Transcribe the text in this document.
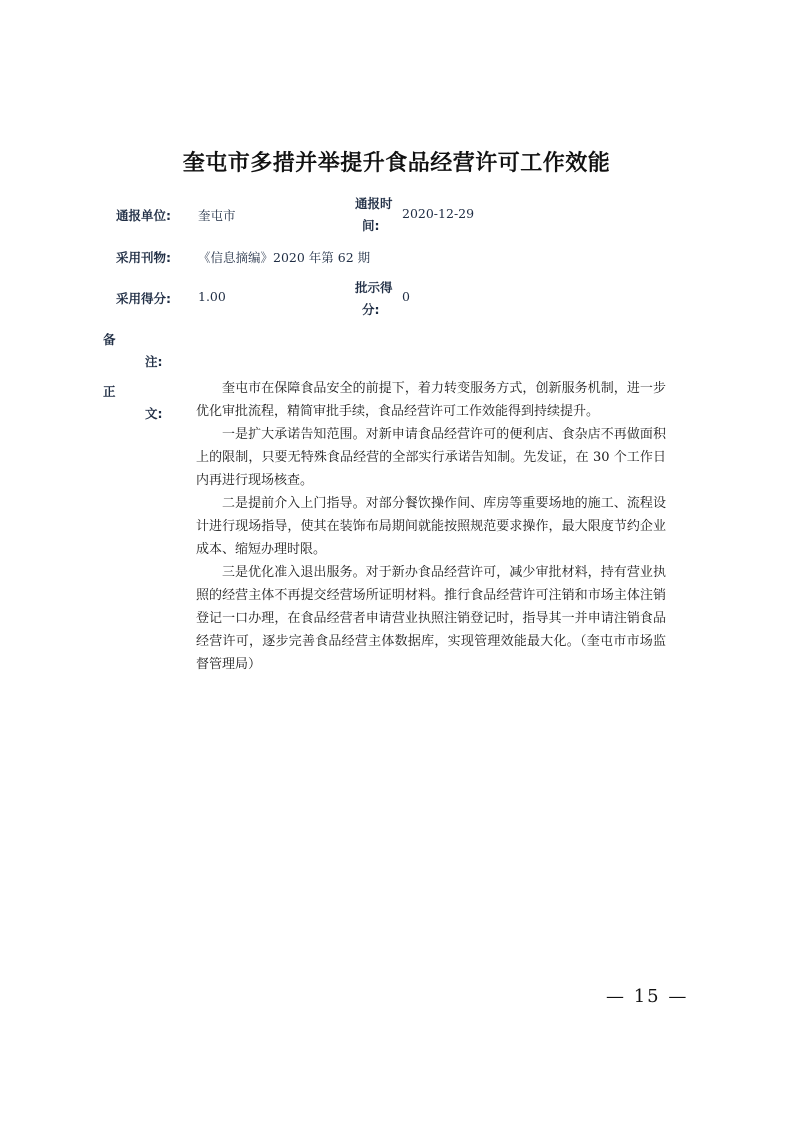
奎屯市多措并举提升食品经营许可工作效能
通报单位: 奎屯市
通报时
间:
2020-12-29
采用刊物: 《信息摘编》2020 年第 62 期
采用得分: 1.00
批示得
分:
0
备
注:
正
文:

奎屯市在保障食品安全的前提下，着力转变服务方式，创新服务机制，进一步优化审批流程，精简审批手续，食品经营许可工作效能得到持续提升。

一是扩大承诺告知范围。对新申请食品经营许可的便利店、食杂店不再做面积上的限制，只要无特殊食品经营的全部实行承诺告知制。先发证，在 30 个工作日内再进行现场核查。

二是提前介入上门指导。对部分餐饮操作间、库房等重要场地的施工、流程设计进行现场指导，使其在装饰布局期间就能按照规范要求操作，最大限度节约企业成本、缩短办理时限。

三是优化准入退出服务。对于新办食品经营许可，减少审批材料，持有营业执照的经营主体不再提交经营场所证明材料。推行食品经营许可注销和市场主体注销登记一口办理，在食品经营者申请营业执照注销登记时，指导其一并申请注销食品经营许可，逐步完善食品经营主体数据库，实现管理效能最大化。（奎屯市市场监督管理局）

— 15 —
